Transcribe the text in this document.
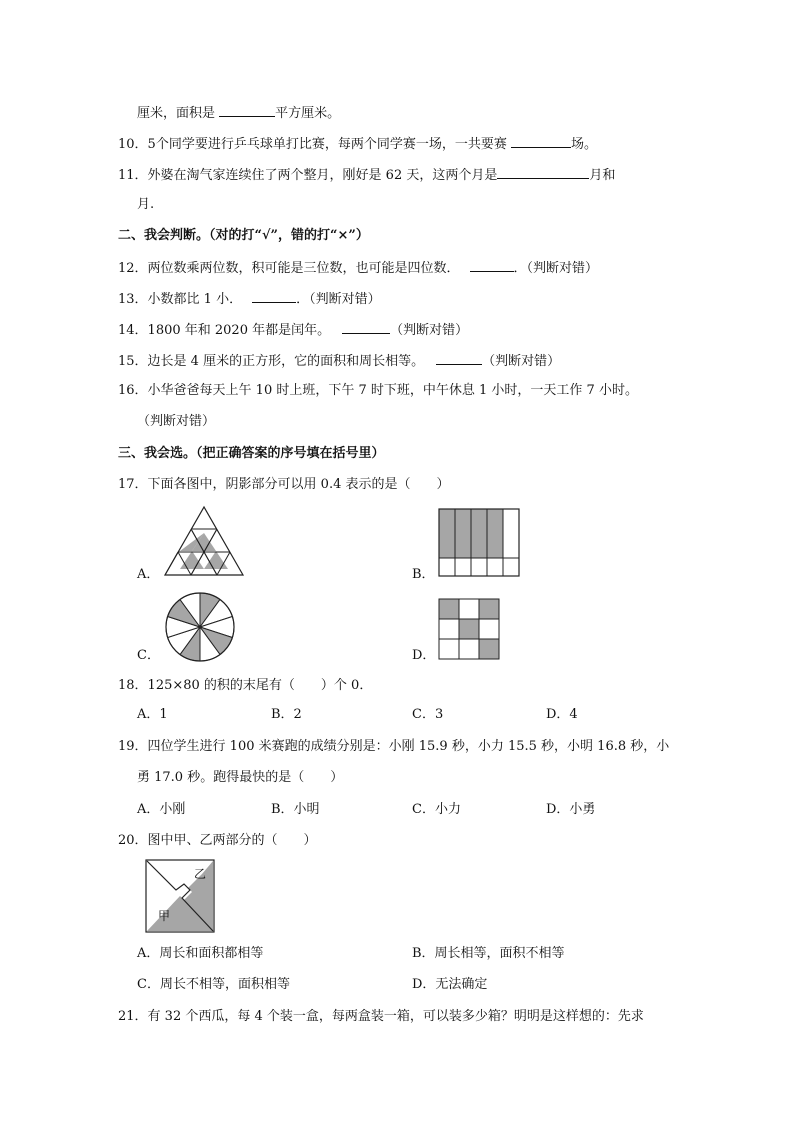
厘米，面积是	平方厘米。
10．5个同学要进行乒乓球单打比赛，每两个同学赛一场，一共要赛	场。
11．外婆在淘气家连续住了两个整月，刚好是 62 天，这两个月是	月和
月.
二、我会判断。（对的打“√”，错的打“×”）
12．两位数乘两位数，积可能是三位数，也可能是四位数．	．（判断对错）
13．小数都比 1 小．	．（判断对错）
14．1800 年和 2020 年都是闰年。	（判断对错）
15．边长是 4 厘米的正方形，它的面积和周长相等。	（判断对错）
16．小华爸爸每天上午 10 时上班，下午 7 时下班，中午休息 1 小时，一天工作 7 小时。
（判断对错）
三、我会选。（把正确答案的序号填在括号里）
17．下面各图中，阴影部分可以用 0.4 表示的是（　　）
A．	B．
C．	D．
18．125×80 的积的末尾有（　　）个 0．
A．1	B．2	C．3	D．4
19．四位学生进行 100 米赛跑的成绩分别是：小刚 15.9 秒，小力 15.5 秒，小明 16.8 秒，小
勇 17.0 秒。跑得最快的是（　　）
A．小刚	B．小明	C．小力	D．小勇
20．图中甲、乙两部分的（　　）
乙
甲
A．周长和面积都相等	B．周长相等，面积不相等
C．周长不相等，面积相等	D．无法确定
21．有 32 个西瓜，每 4 个装一盒，每两盒装一箱，可以装多少箱？明明是这样想的：先求
